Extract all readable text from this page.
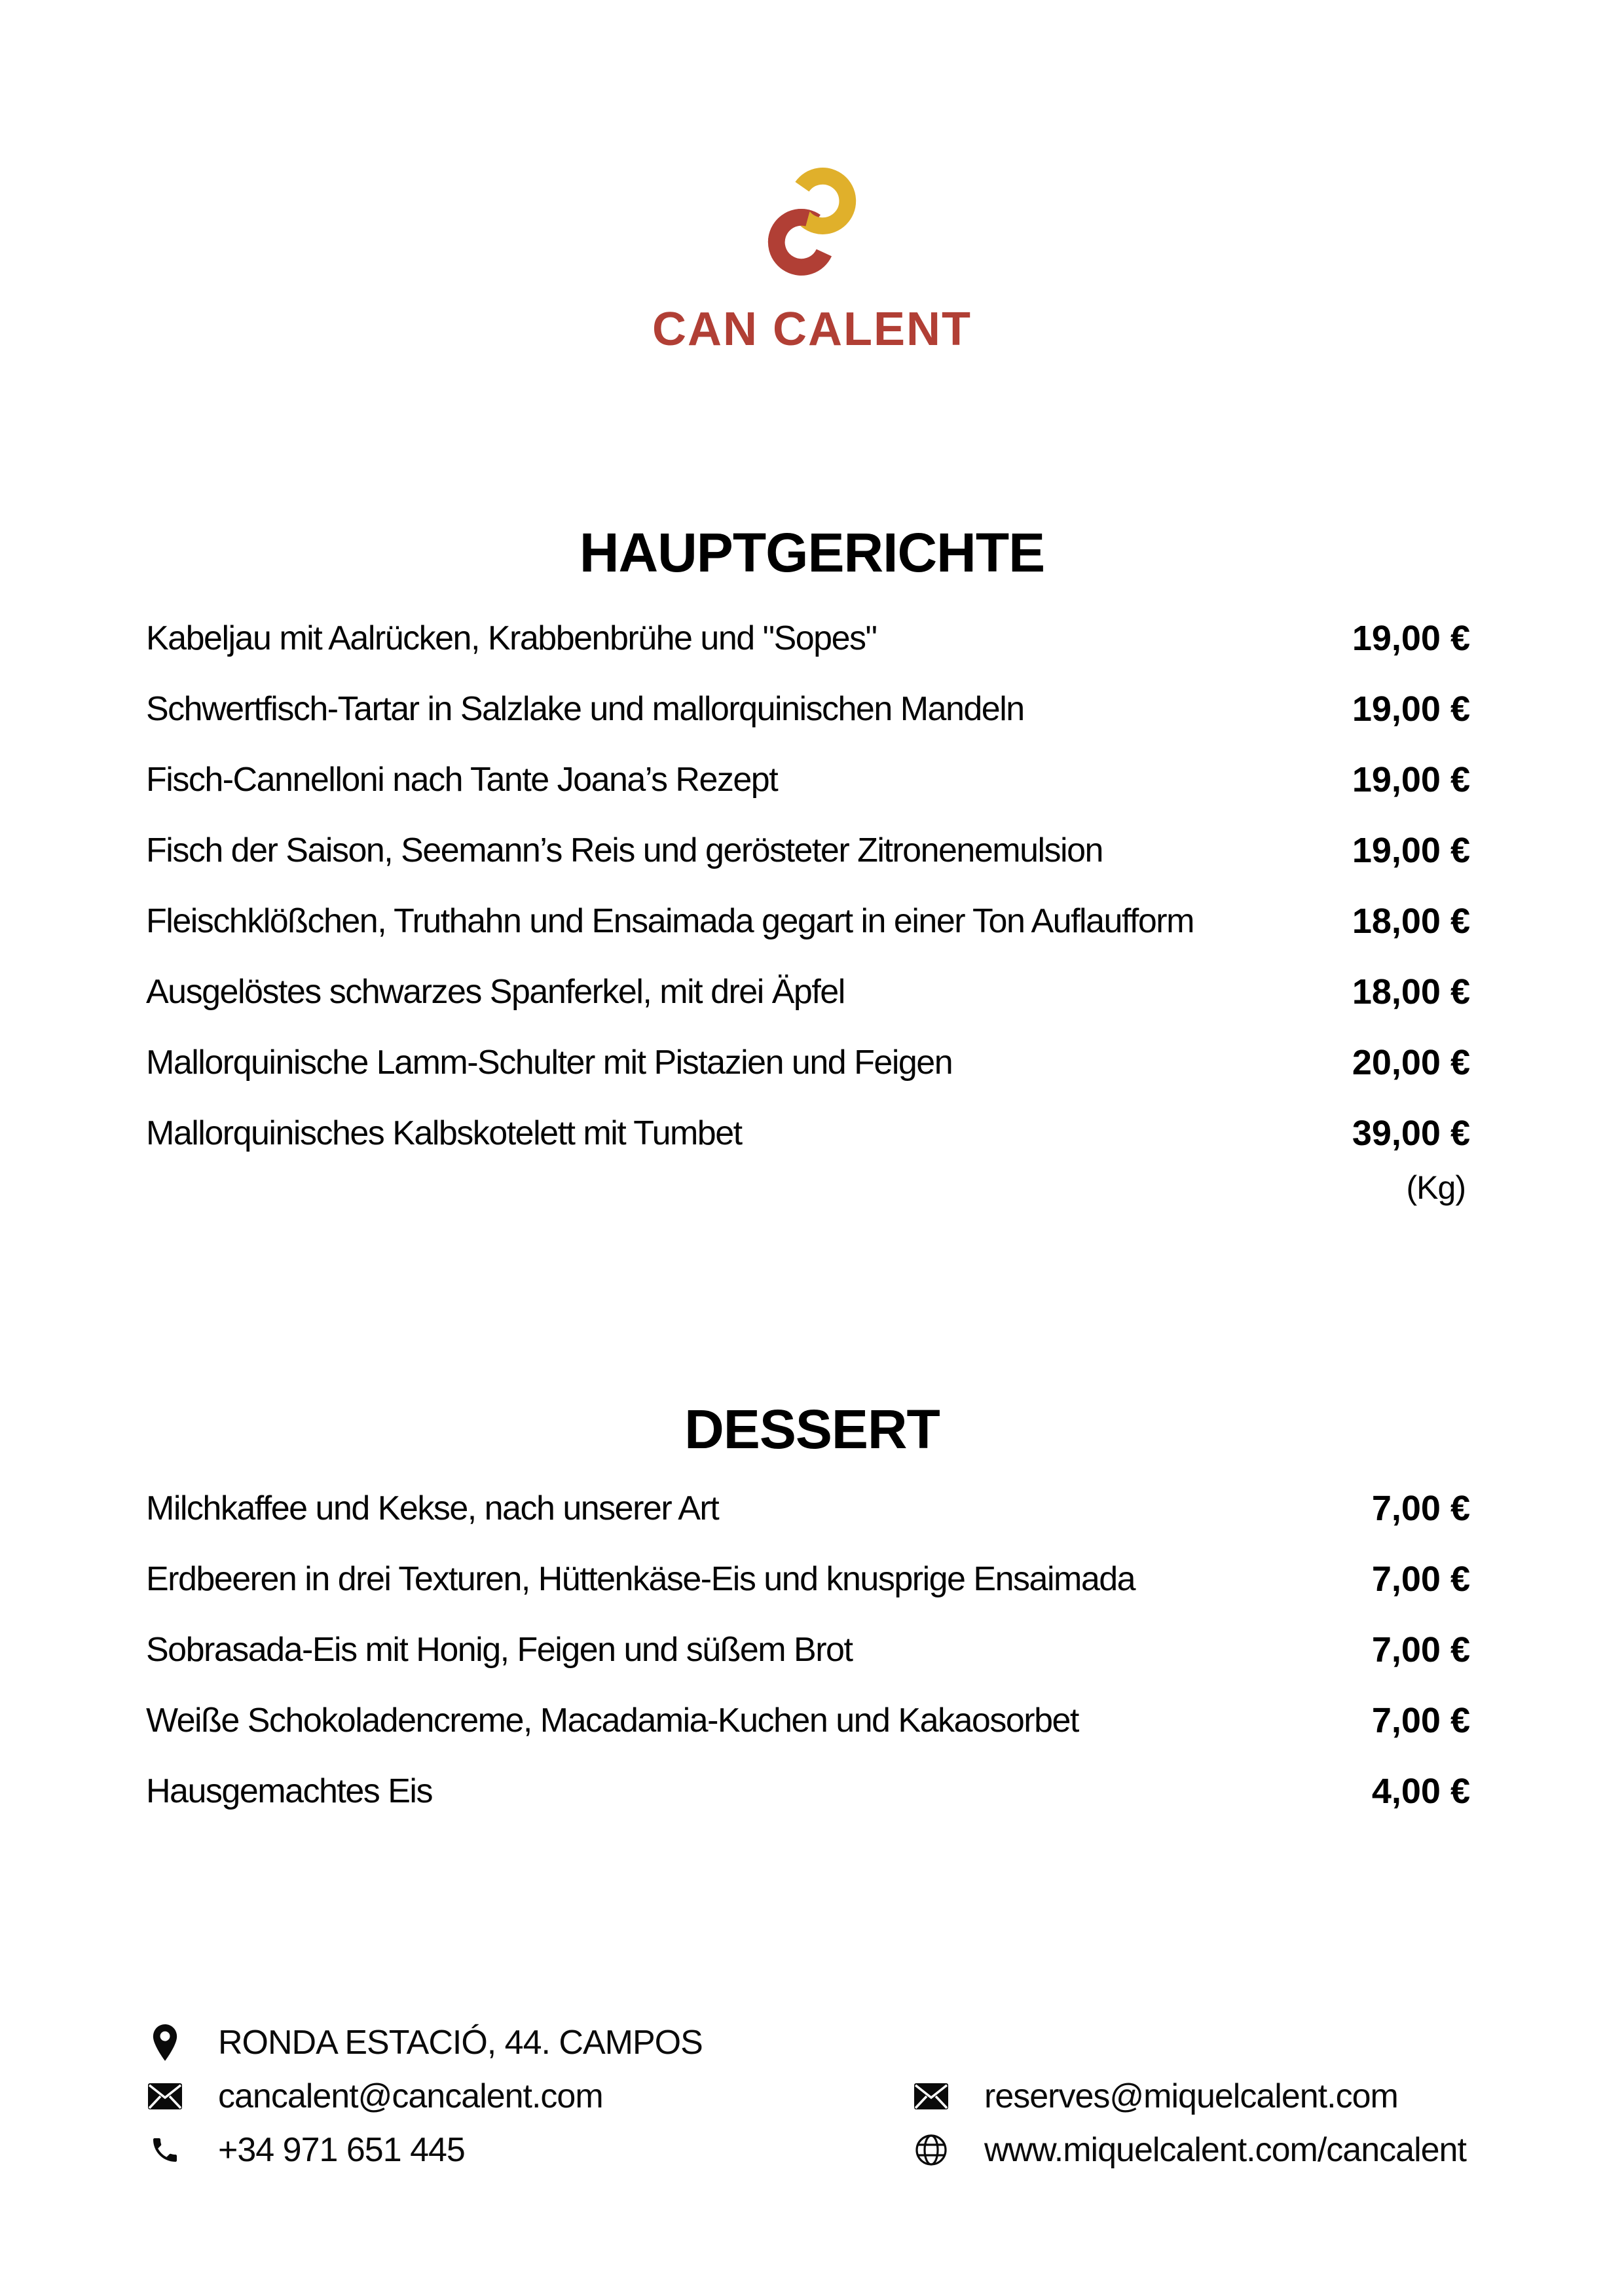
CAN CALENT
HAUPTGERICHTE
Kabeljau mit Aalrücken, Krabbenbrühe und "Sopes"	19,00 €
Schwertfisch-Tartar in Salzlake und mallorquinischen Mandeln	19,00 €
Fisch-Cannelloni nach Tante Joana’s Rezept	19,00 €
Fisch der Saison, Seemann’s Reis und gerösteter Zitronenemulsion	19,00 €
Fleischklößchen, Truthahn und Ensaimada gegart in einer Ton Auflaufform	18,00 €
Ausgelöstes schwarzes Spanferkel, mit drei Äpfel	18,00 €
Mallorquinische Lamm-Schulter mit Pistazien und Feigen	20,00 €
Mallorquinisches Kalbskotelett mit Tumbet	39,00 €
(Kg)
DESSERT
Milchkaffee und Kekse, nach unserer Art	7,00 €
Erdbeeren in drei Texturen, Hüttenkäse-Eis und knusprige Ensaimada	7,00 €
Sobrasada-Eis mit Honig, Feigen und süßem Brot	7,00 €
Weiße Schokoladencreme, Macadamia-Kuchen und Kakaosorbet	7,00 €
Hausgemachtes Eis	4,00 €
RONDA ESTACIÓ, 44. CAMPOS
cancalent@cancalent.com
+34 971 651 445
reserves@miquelcalent.com
www.miquelcalent.com/cancalent
